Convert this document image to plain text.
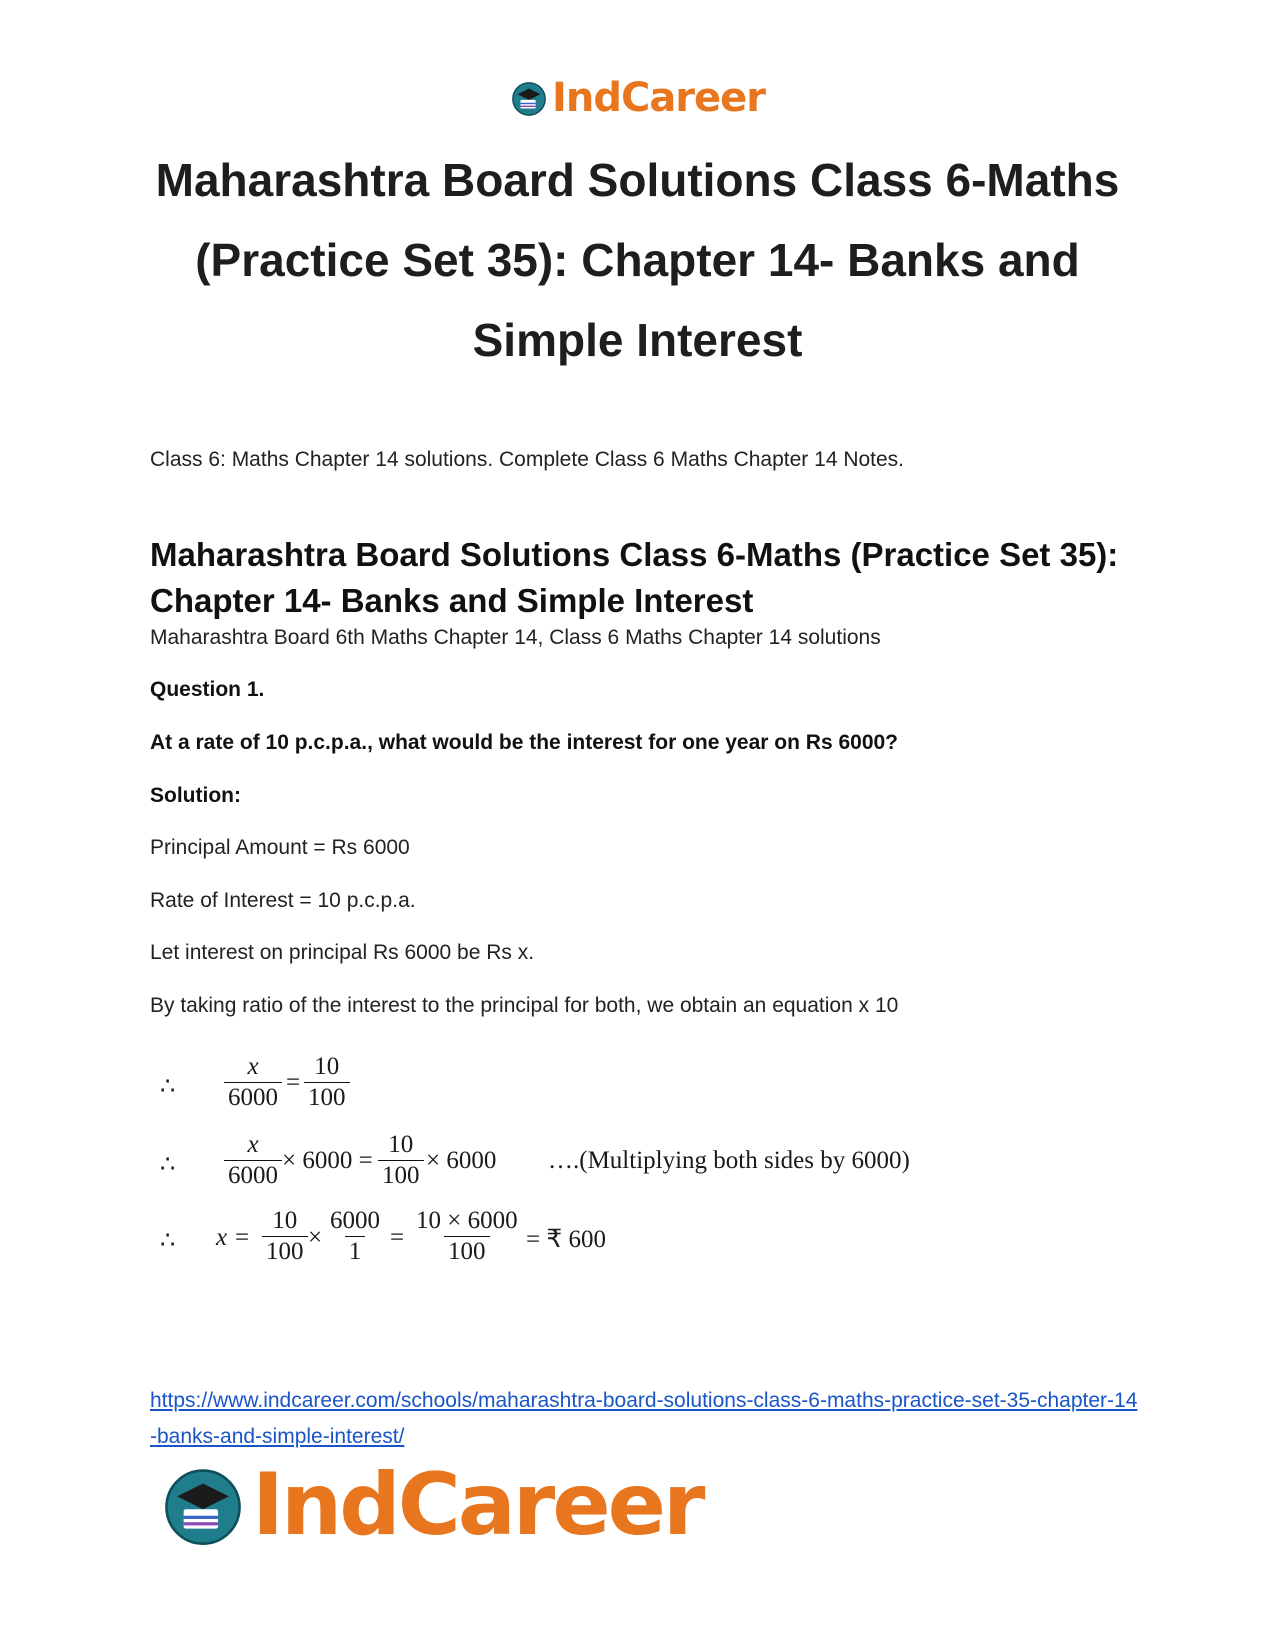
IndCareer
Maharashtra Board Solutions Class 6-Maths (Practice Set 35): Chapter 14- Banks and Simple Interest

Class 6: Maths Chapter 14 solutions. Complete Class 6 Maths Chapter 14 Notes.

Maharashtra Board Solutions Class 6-Maths (Practice Set 35): Chapter 14- Banks and Simple Interest

Maharashtra Board 6th Maths Chapter 14, Class 6 Maths Chapter 14 solutions

Question 1.

At a rate of 10 p.c.p.a., what would be the interest for one year on Rs 6000?

Solution:

Principal Amount = Rs 6000

Rate of Interest = 10 p.c.p.a.

Let interest on principal Rs 6000 be Rs x.

By taking ratio of the interest to the principal for both, we obtain an equation x 10

∴ $\frac{x}{6000} = \frac{10}{100}$
∴ $\frac{x}{6000} \times 6000 = \frac{10}{100} \times 6000$ ….(Multiplying both sides by 6000)
∴ $x = \frac{10}{100} \times \frac{6000}{1} = \frac{10 \times 6000}{100}$ = ₹ 600

https://www.indcareer.com/schools/maharashtra-board-solutions-class-6-maths-practice-set-35-chapter-14-banks-and-simple-interest/

IndCareer
